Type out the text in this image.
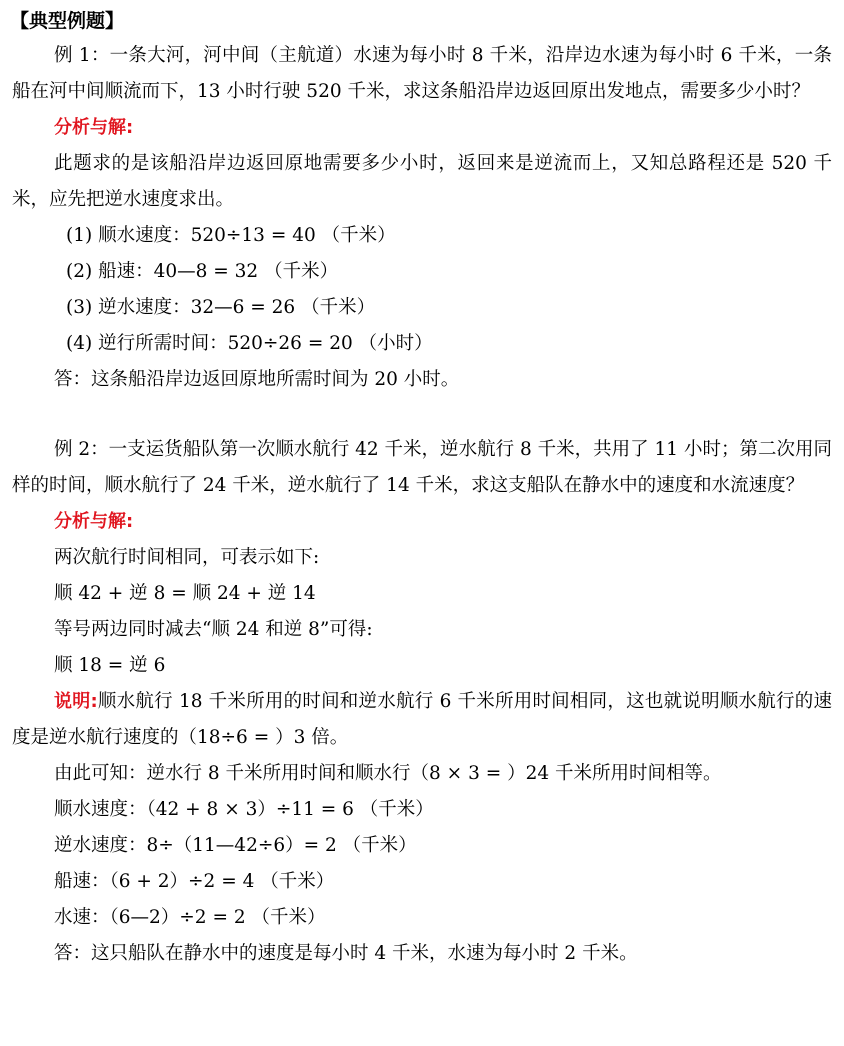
【典型例题】

例 1：一条大河，河中间（主航道）水速为每小时 8 千米，沿岸边水速为每小时 6 千米，一条船在河中间顺流而下，13 小时行驶 520 千米，求这条船沿岸边返回原出发地点，需要多少小时？

分析与解:

此题求的是该船沿岸边返回原地需要多少小时，返回来是逆流而上，又知总路程还是 520 千米，应先把逆水速度求出。

(1) 顺水速度：520÷13 = 40 （千米）
(2) 船速：40—8 = 32 （千米）
(3) 逆水速度：32—6 = 26 （千米）
(4) 逆行所需时间：520÷26 = 20 （小时）
答：这条船沿岸边返回原地所需时间为 20 小时。

例 2：一支运货船队第一次顺水航行 42 千米，逆水航行 8 千米，共用了 11 小时；第二次用同样的时间，顺水航行了 24 千米，逆水航行了 14 千米，求这支船队在静水中的速度和水流速度？

分析与解:
两次航行时间相同，可表示如下:
顺 42 + 逆 8 = 顺 24 + 逆 14
等号两边同时减去“顺 24 和逆 8”可得:
顺 18 = 逆 6

说明:顺水航行 18 千米所用的时间和逆水航行 6 千米所用时间相同，这也就说明顺水航行的速度是逆水航行速度的（18÷6 = ）3 倍。

由此可知：逆水行 8 千米所用时间和顺水行（8 × 3 = ）24 千米所用时间相等。
顺水速度：（42 + 8 × 3）÷11 = 6 （千米）
逆水速度：8÷（11—42÷6）= 2 （千米）
船速：（6 + 2）÷2 = 4 （千米）
水速：（6—2）÷2 = 2 （千米）
答：这只船队在静水中的速度是每小时 4 千米，水速为每小时 2 千米。
